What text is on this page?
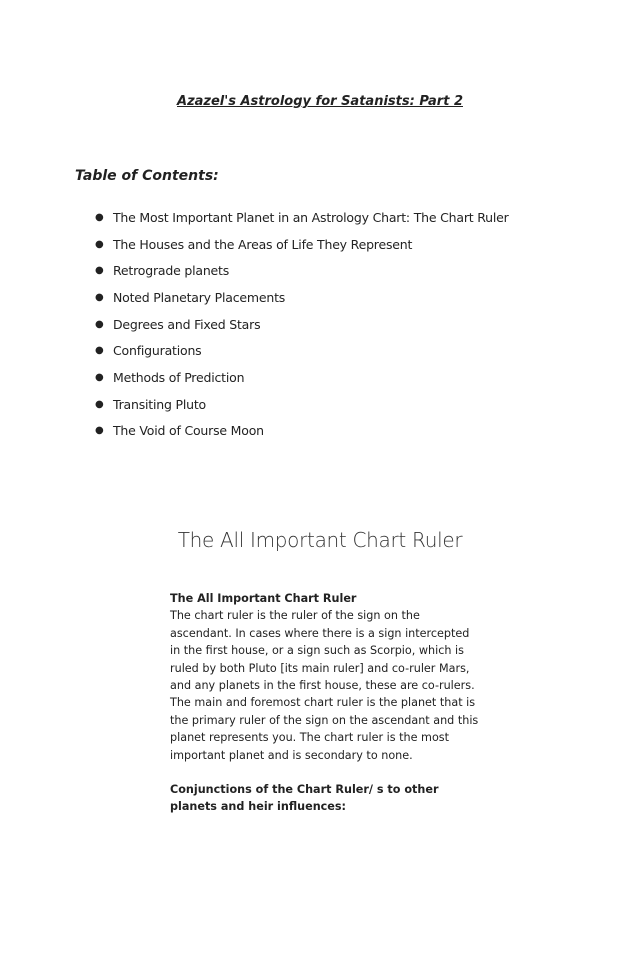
Azazel's Astrology for Satanists: Part 2
Table of Contents:
● The Most Important Planet in an Astrology Chart: The Chart Ruler
● The Houses and the Areas of Life They Represent
● Retrograde planets
● Noted Planetary Placements
● Degrees and Fixed Stars
● Configurations
● Methods of Prediction
● Transiting Pluto
● The Void of Course Moon
The All Important Chart Ruler
The All Important Chart Ruler

The chart ruler is the ruler of the sign on the ascendant. In cases where there is a sign intercepted in the first house, or a sign such as Scorpio, which is ruled by both Pluto [its main ruler] and co-ruler Mars, and any planets in the first house, these are co-rulers. The main and foremost chart ruler is the planet that is the primary ruler of the sign on the ascendant and this planet represents you. The chart ruler is the most important planet and is secondary to none.

Conjunctions of the Chart Ruler/ s to other planets and heir influences:
